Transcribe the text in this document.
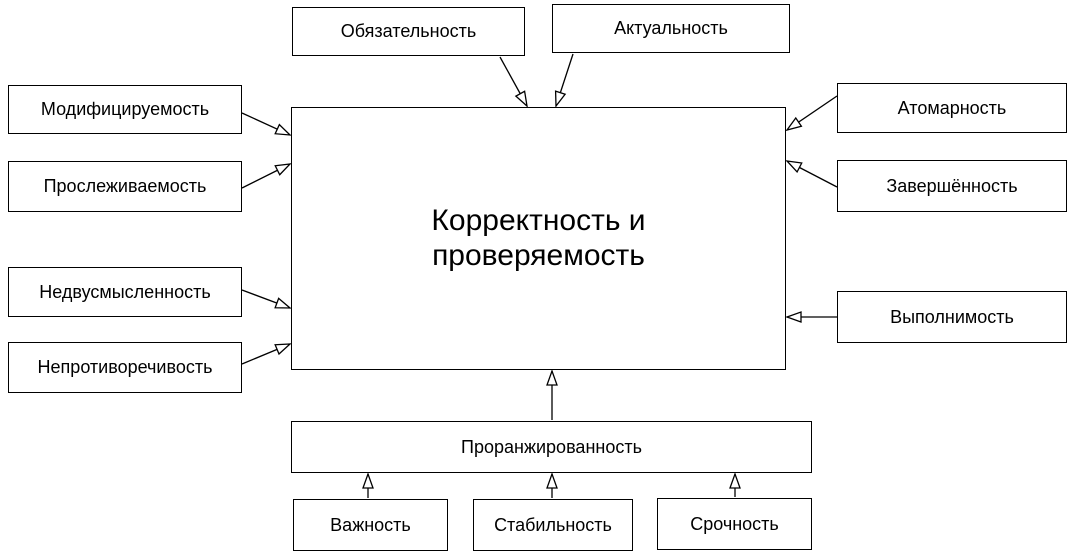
Обязательность	Актуальность
Модифицируемость
Прослеживаемость
Недвусмысленность
Непротиворечивость
Атомарность
Завершённость
Выполнимость
Корректность и проверяемость
Проранжированность
Важность	Стабильность	Срочность
